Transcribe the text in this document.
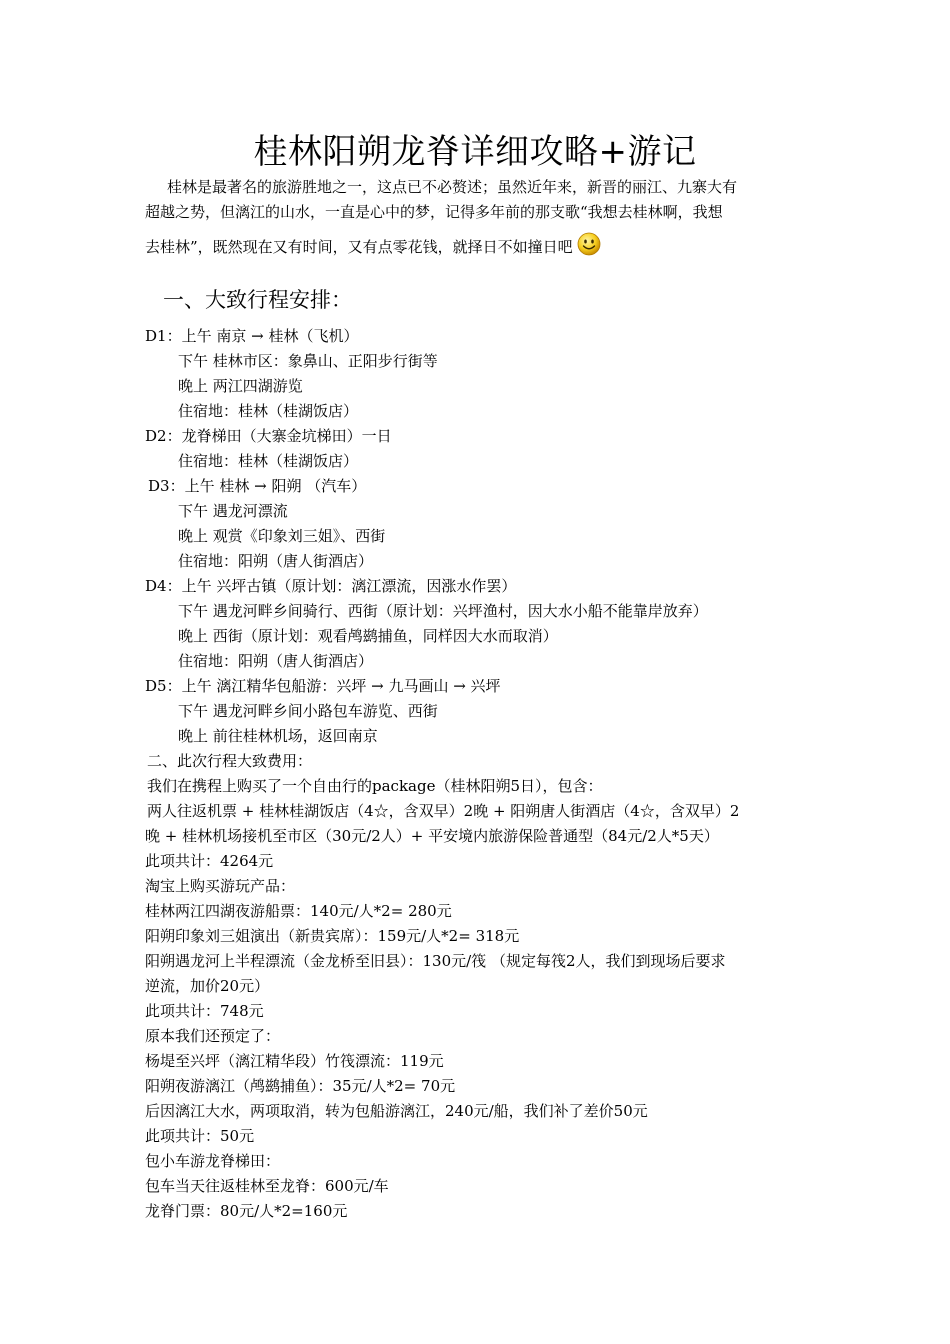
桂林阳朔龙脊详细攻略+游记
桂林是最著名的旅游胜地之一，这点已不必赘述；虽然近年来，新晋的丽江、九寨大有
超越之势，但漓江的山水，一直是心中的梦，记得多年前的那支歌“我想去桂林啊，我想
去桂林”，既然现在又有时间，又有点零花钱，就择日不如撞日吧
一、大致行程安排：
D1：上午 南京 → 桂林（飞机）
下午 桂林市区：象鼻山、正阳步行街等
晚上 两江四湖游览
住宿地：桂林（桂湖饭店）
D2：龙脊梯田（大寨金坑梯田）一日
住宿地：桂林（桂湖饭店）
D3：上午 桂林 → 阳朔 （汽车）
下午 遇龙河漂流
晚上 观赏《印象刘三姐》、西街
住宿地：阳朔（唐人街酒店）
D4：上午 兴坪古镇（原计划：漓江漂流，因涨水作罢）
下午 遇龙河畔乡间骑行、西街（原计划：兴坪渔村，因大水小船不能靠岸放弃）
晚上 西街（原计划：观看鸬鹚捕鱼，同样因大水而取消）
住宿地：阳朔（唐人街酒店）
D5：上午 漓江精华包船游：兴坪 → 九马画山 → 兴坪
下午 遇龙河畔乡间小路包车游览、西街
晚上 前往桂林机场，返回南京
二、此次行程大致费用：
我们在携程上购买了一个自由行的package（桂林阳朔5日），包含：
两人往返机票 + 桂林桂湖饭店（4☆，含双早）2晚 + 阳朔唐人街酒店（4☆，含双早）2
晚 + 桂林机场接机至市区（30元/2人）+ 平安境内旅游保险普通型（84元/2人*5天）
此项共计：4264元
淘宝上购买游玩产品：
桂林两江四湖夜游船票：140元/人*2= 280元
阳朔印象刘三姐演出（新贵宾席）：159元/人*2= 318元
阳朔遇龙河上半程漂流（金龙桥至旧县）：130元/筏 （规定每筏2人，我们到现场后要求
逆流，加价20元）
此项共计：748元
原本我们还预定了：
杨堤至兴坪（漓江精华段）竹筏漂流：119元
阳朔夜游漓江（鸬鹚捕鱼）：35元/人*2= 70元
后因漓江大水，两项取消，转为包船游漓江，240元/船，我们补了差价50元
此项共计：50元
包小车游龙脊梯田：
包车当天往返桂林至龙脊：600元/车
龙脊门票：80元/人*2=160元
